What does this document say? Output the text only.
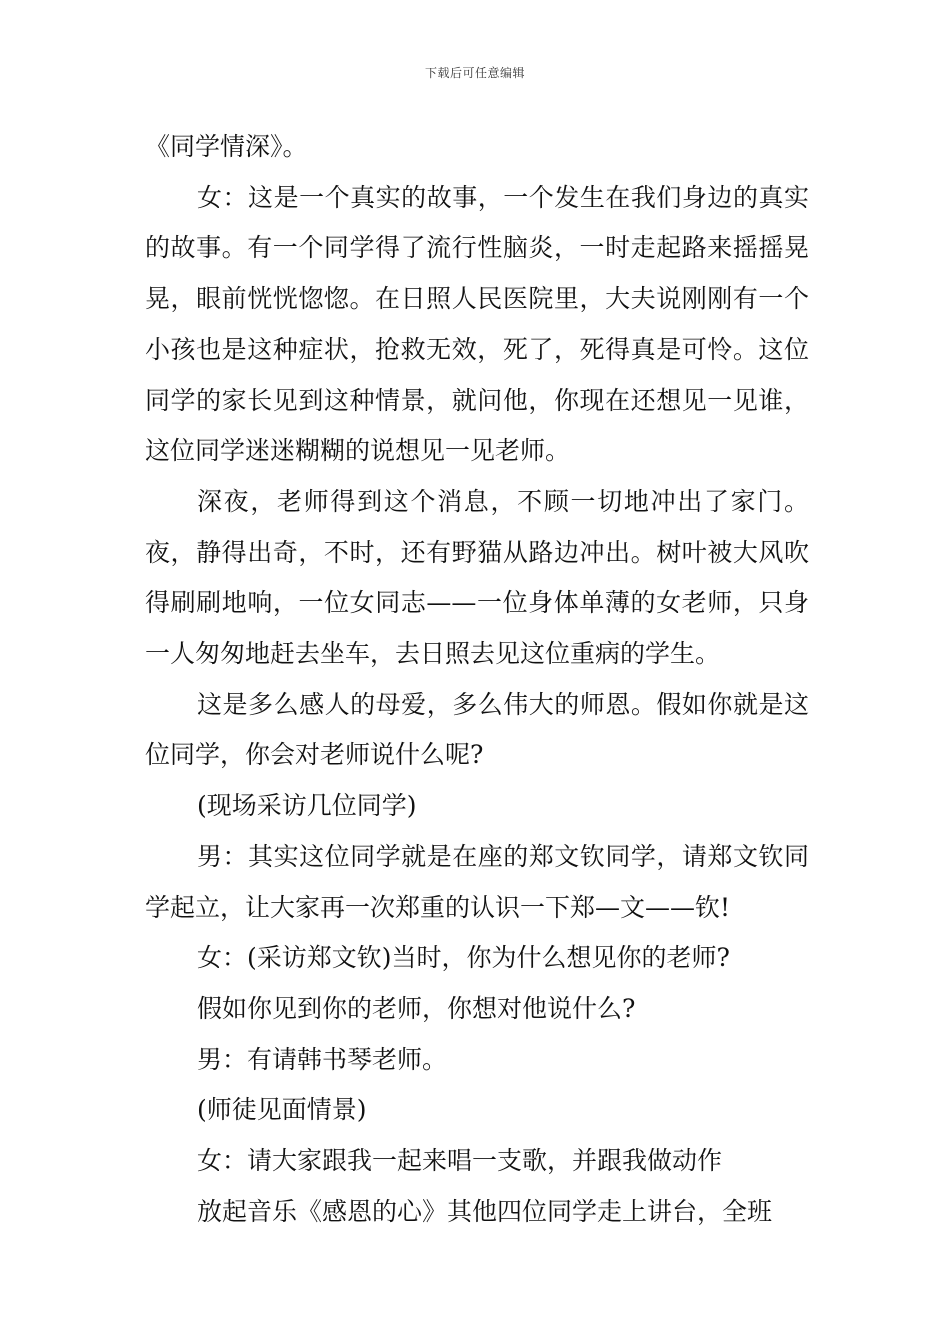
下载后可任意编辑

《同学情深》。

女：这是一个真实的故事，一个发生在我们身边的真实的故事。有一个同学得了流行性脑炎，一时走起路来摇摇晃晃，眼前恍恍惚惚。在日照人民医院里，大夫说刚刚有一个小孩也是这种症状，抢救无效，死了，死得真是可怜。这位同学的家长见到这种情景，就问他，你现在还想见一见谁，这位同学迷迷糊糊的说想见一见老师。

深夜，老师得到这个消息，不顾一切地冲出了家门。夜，静得出奇，不时，还有野猫从路边冲出。树叶被大风吹得刷刷地响，一位女同志——一位身体单薄的女老师，只身一人匆匆地赶去坐车，去日照去见这位重病的学生。

这是多么感人的母爱，多么伟大的师恩。假如你就是这位同学，你会对老师说什么呢?

(现场采访几位同学)

男：其实这位同学就是在座的郑文钦同学，请郑文钦同学起立，让大家再一次郑重的认识一下郑—文——钦!

女：(采访郑文钦)当时，你为什么想见你的老师?

假如你见到你的老师，你想对他说什么?

男：有请韩书琴老师。

(师徒见面情景)

女：请大家跟我一起来唱一支歌，并跟我做动作

放起音乐《感恩的心》其他四位同学走上讲台，全班
